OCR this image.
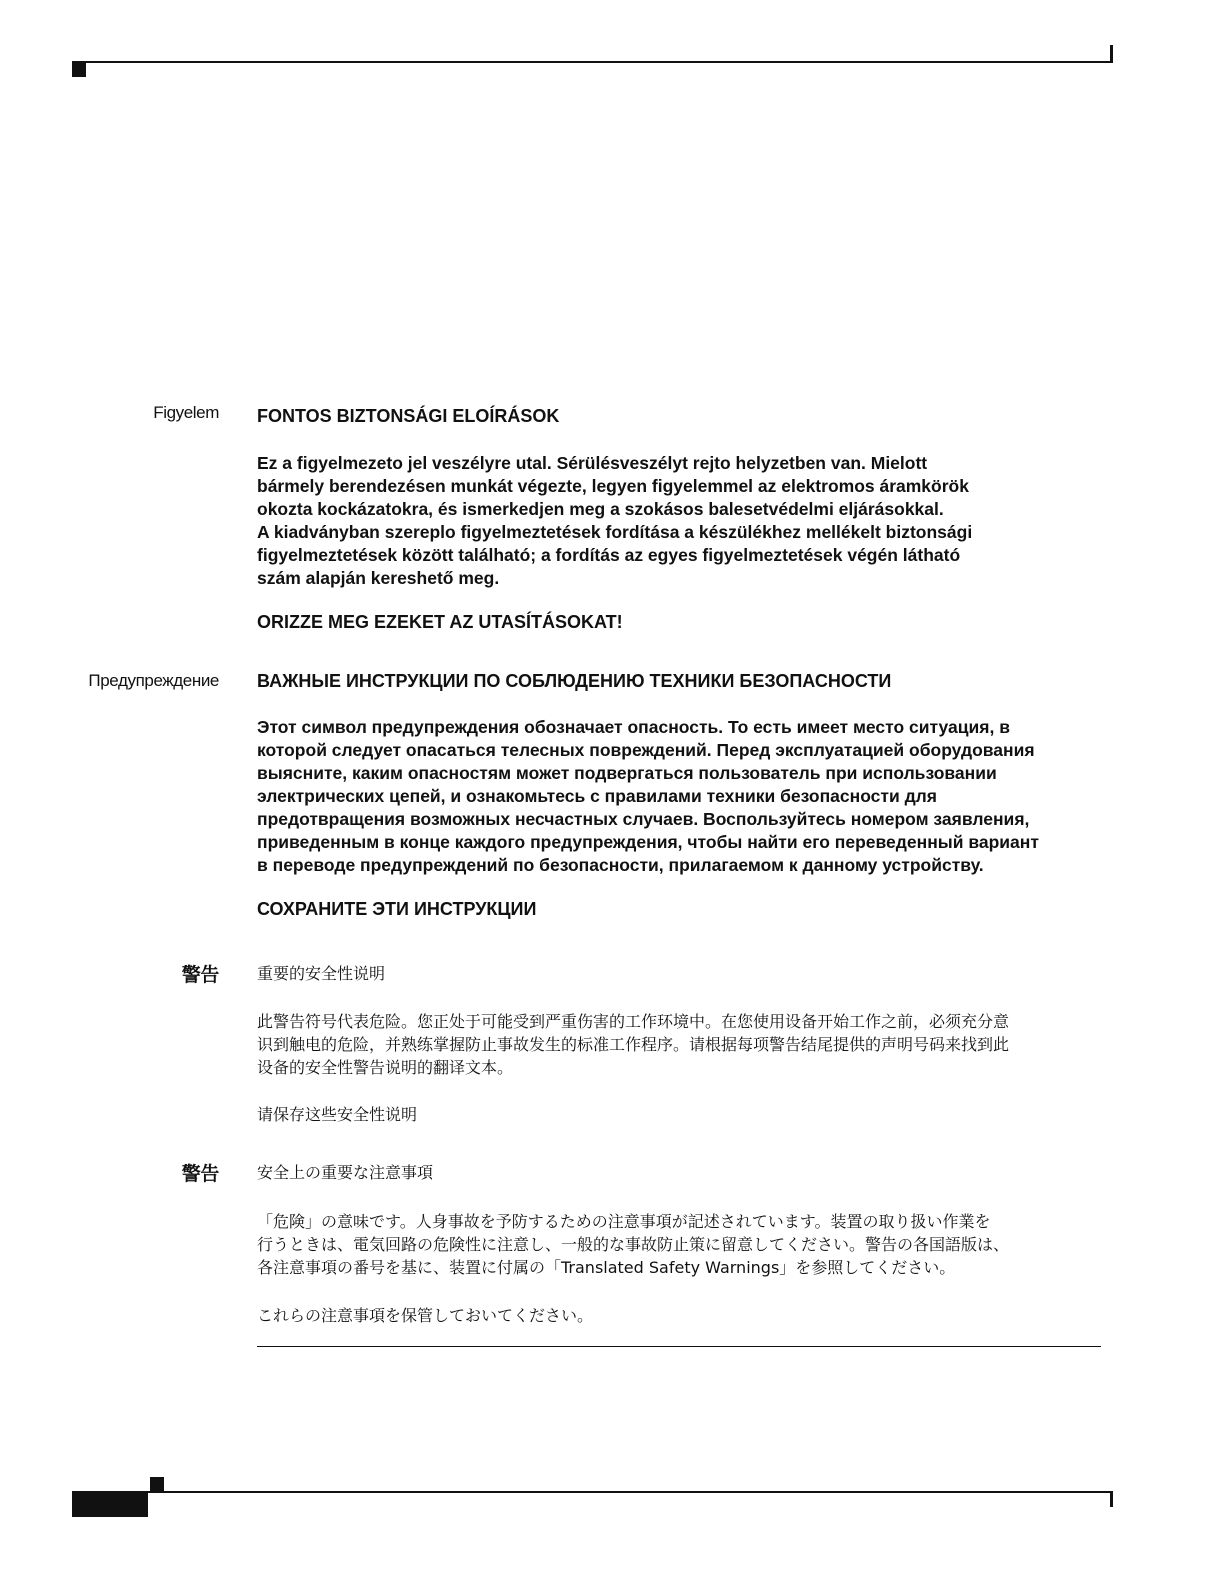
Figyelem FONTOS BIZTONSÁGI ELOÍRÁSOK

Ez a figyelmezeto jel veszélyre utal. Sérülésveszélyt rejto helyzetben van. Mielott
bármely berendezésen munkát végezte, legyen figyelemmel az elektromos áramkörök
okozta kockázatokra, és ismerkedjen meg a szokásos balesetvédelmi eljárásokkal.
A kiadványban szereplo figyelmeztetések fordítása a készülékhez mellékelt biztonsági
figyelmeztetések között található; a fordítás az egyes figyelmeztetések végén látható
szám alapján kereshető meg.

ORIZZE MEG EZEKET AZ UTASÍTÁSOKAT!

Предупреждение ВАЖНЫЕ ИНСТРУКЦИИ ПО СОБЛЮДЕНИЮ ТЕХНИКИ БЕЗОПАСНОСТИ

Этот символ предупреждения обозначает опасность. То есть имеет место ситуация, в
которой следует опасаться телесных повреждений. Перед эксплуатацией оборудования
выясните, каким опасностям может подвергаться пользователь при использовании
электрических цепей, и ознакомьтесь с правилами техники безопасности для
предотвращения возможных несчастных случаев. Воспользуйтесь номером заявления,
приведенным в конце каждого предупреждения, чтобы найти его переведенный вариант
в переводе предупреждений по безопасности, прилагаемом к данному устройству.

СОХРАНИТЕ ЭТИ ИНСТРУКЦИИ

警告 重要的安全性说明

此警告符号代表危险。您正处于可能受到严重伤害的工作环境中。在您使用设备开始工作之前，必须充分意
识到触电的危险，并熟练掌握防止事故发生的标准工作程序。请根据每项警告结尾提供的声明号码来找到此
设备的安全性警告说明的翻译文本。

请保存这些安全性说明

警告 安全上の重要な注意事項

「危険」の意味です。人身事故を予防するための注意事項が記述されています。装置の取り扱い作業を
行うときは、電気回路の危険性に注意し、一般的な事故防止策に留意してください。警告の各国語版は、
各注意事項の番号を基に、装置に付属の「Translated Safety Warnings」を参照してください。

これらの注意事項を保管しておいてください。
